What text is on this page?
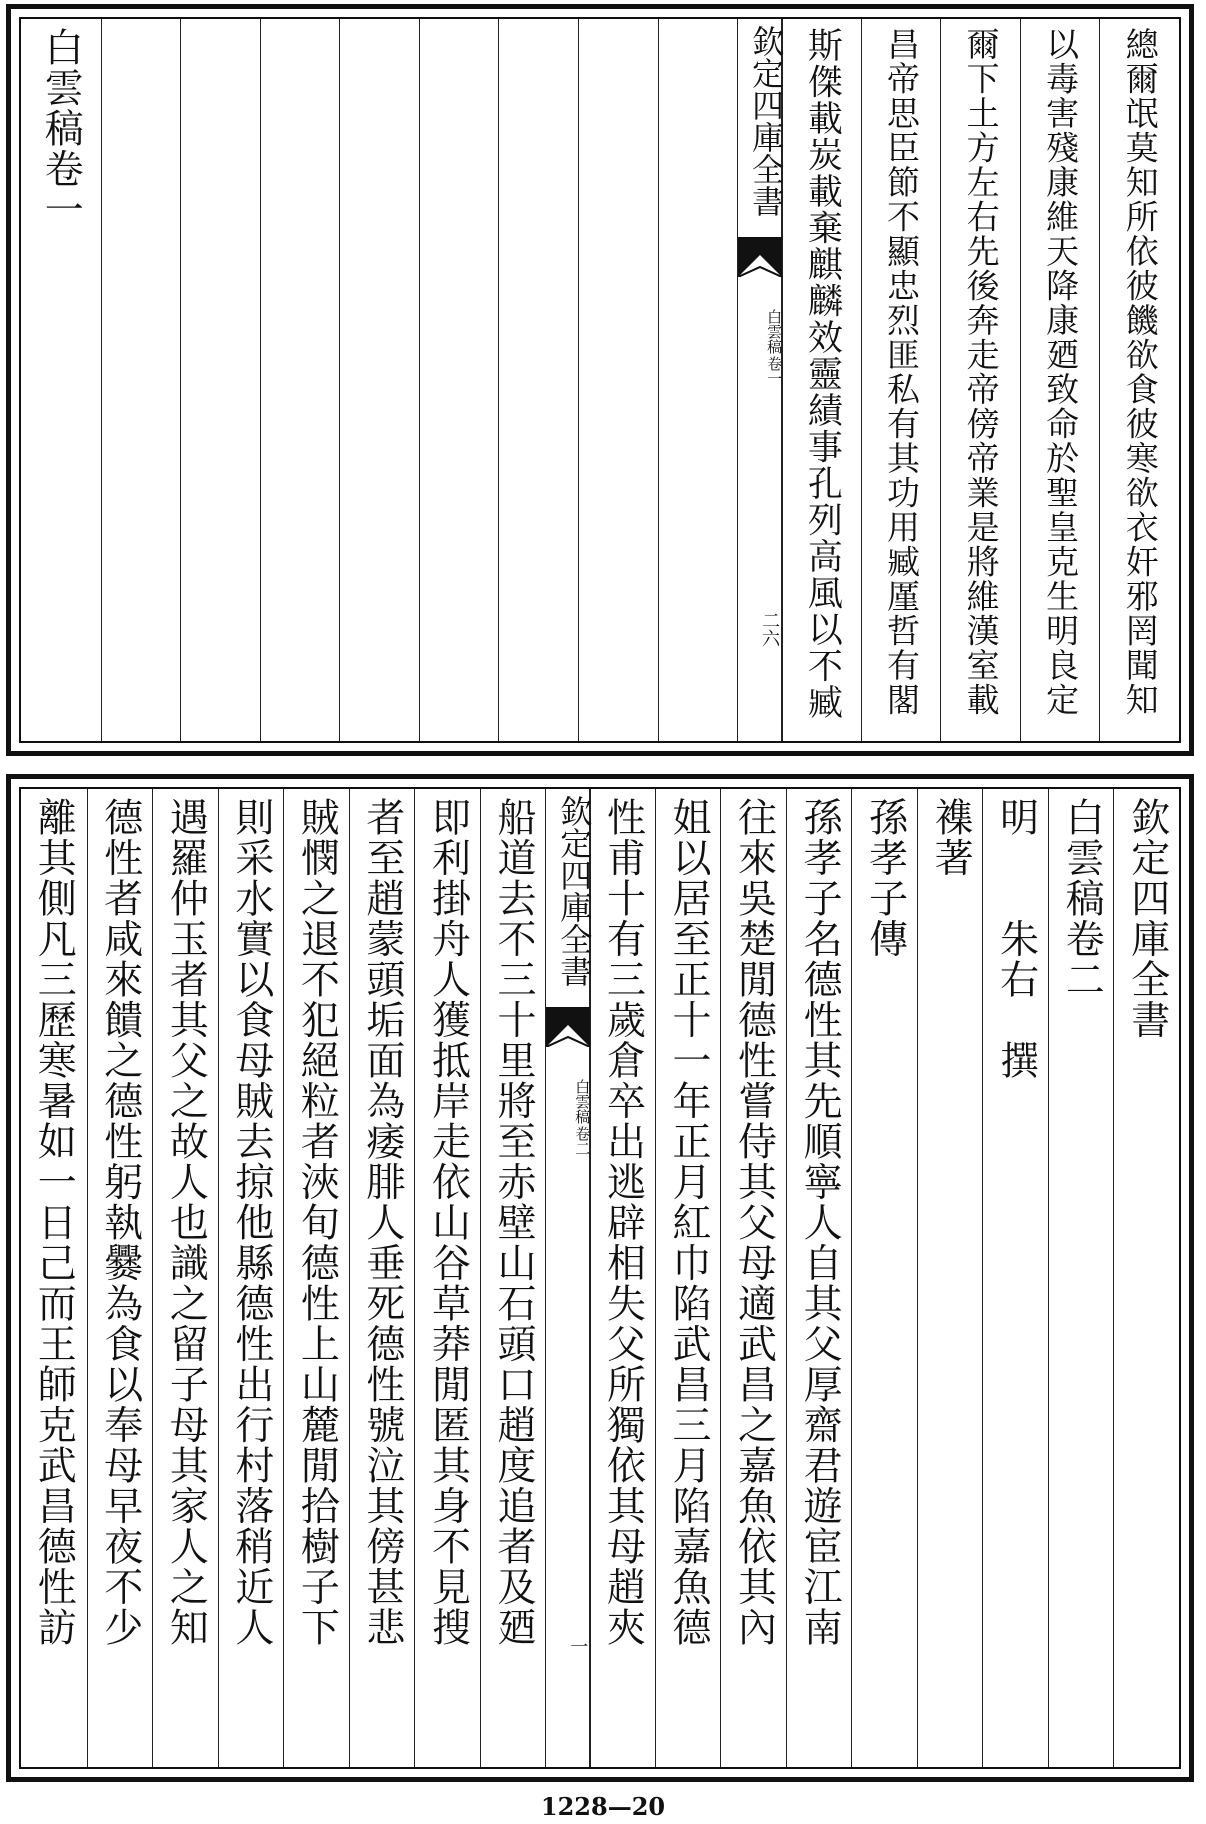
總爾氓莫知所依彼饑欲食彼寒欲衣奸邪罔聞知
以毒害殘康維天降康廼致命於聖皇克生明良定
爾下土方左右先後奔走帝傍帝業是將維漢室載
昌帝思臣節不顯忠烈匪私有其功用臧厪哲有閣
斯傑載炭載棄麒麟效靈績事孔列高風以不臧
欽定四庫全書
白雲稿
卷一
二六
白雲稿卷一
欽定四庫全書
白雲稿卷二
明　　朱右　撰
襍著
孫孝子傳
孫孝子名德性其先順寧人自其父厚齋君遊宦江南
往來吳楚閒德性嘗侍其父母適武昌之嘉魚依其內
姐以居至正十一年正月紅巾陷武昌三月陷嘉魚德
性甫十有三歲倉卒出逃辟相失父所獨依其母趙夾
欽定四庫全書
白雲稿
卷二
一
船道去不三十里將至赤壁山石頭口趙度追者及廼
即利掛舟人獲抵岸走依山谷草莽閒匿其身不見搜
者至趙蒙頭垢面為痿腓人垂死德性號泣其傍甚悲
賊憫之退不犯絕粒者浹旬德性上山麓閒拾樹子下
則采水實以食母賊去掠他縣德性出行村落稍近人
遇羅仲玉者其父之故人也識之留子母其家人之知
德性者咸來饋之德性躬執爨為食以奉母早夜不少
離其側凡三歷寒暑如一日己而王師克武昌德性訪
1228—20
